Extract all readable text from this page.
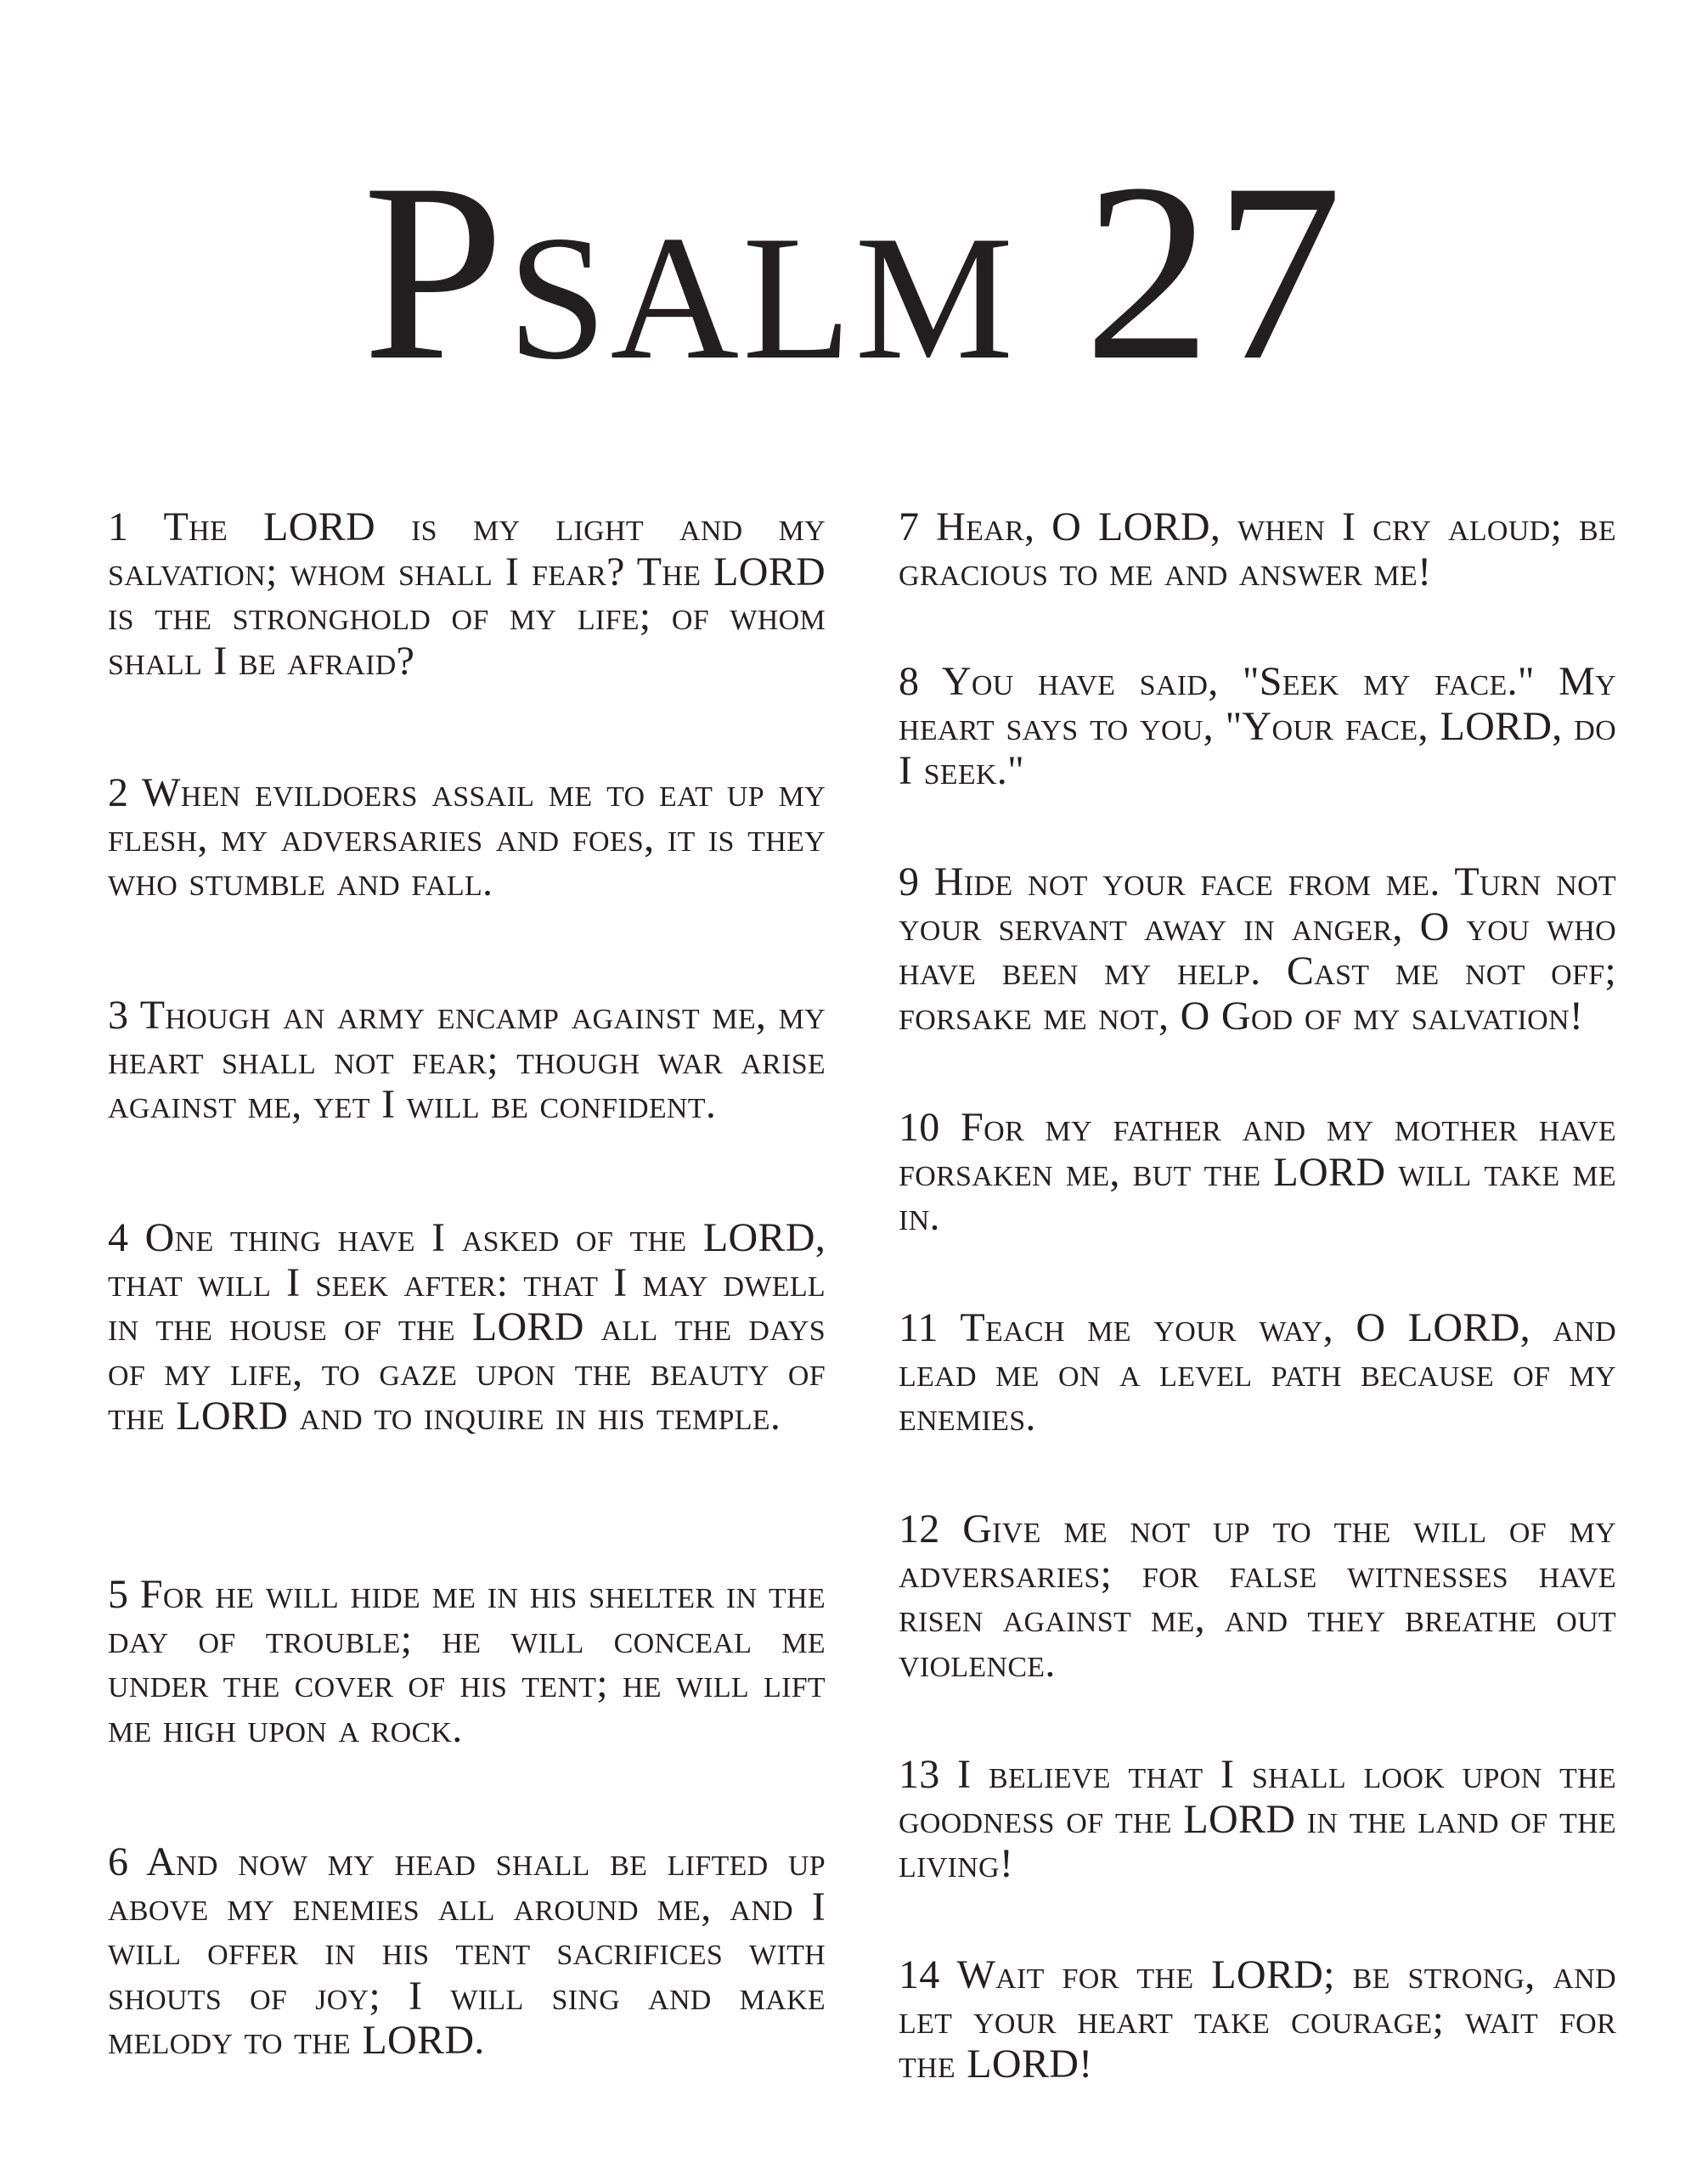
Psalm 27

1 The LORD is my light and my salvation; whom shall I fear? The LORD is the stronghold of my life; of whom shall I be afraid?

2 When evildoers assail me to eat up my flesh, my adversaries and foes, it is they who stumble and fall.

3 Though an army encamp against me, my heart shall not fear; though war arise against me, yet I will be confident.

4 One thing have I asked of the LORD, that will I seek after: that I may dwell in the house of the LORD all the days of my life, to gaze upon the beauty of the LORD and to inquire in his temple.

5 For he will hide me in his shelter in the day of trouble; he will conceal me under the cover of his tent; he will lift me high upon a rock.

6 And now my head shall be lifted up above my enemies all around me, and I will offer in his tent sacrifices with shouts of joy; I will sing and make melody to the LORD.

7 Hear, O LORD, when I cry aloud; be gracious to me and answer me!

8 You have said, "Seek my face." My heart says to you, "Your face, LORD, do I seek."

9 Hide not your face from me. Turn not your servant away in anger, O you who have been my help. Cast me not off; forsake me not, O God of my salvation!

10 For my father and my mother have forsaken me, but the LORD will take me in.

11 Teach me your way, O LORD, and lead me on a level path because of my enemies.

12 Give me not up to the will of my adversaries; for false witnesses have risen against me, and they breathe out violence.

13 I believe that I shall look upon the goodness of the LORD in the land of the living!

14 Wait for the LORD; be strong, and let your heart take courage; wait for the LORD!
